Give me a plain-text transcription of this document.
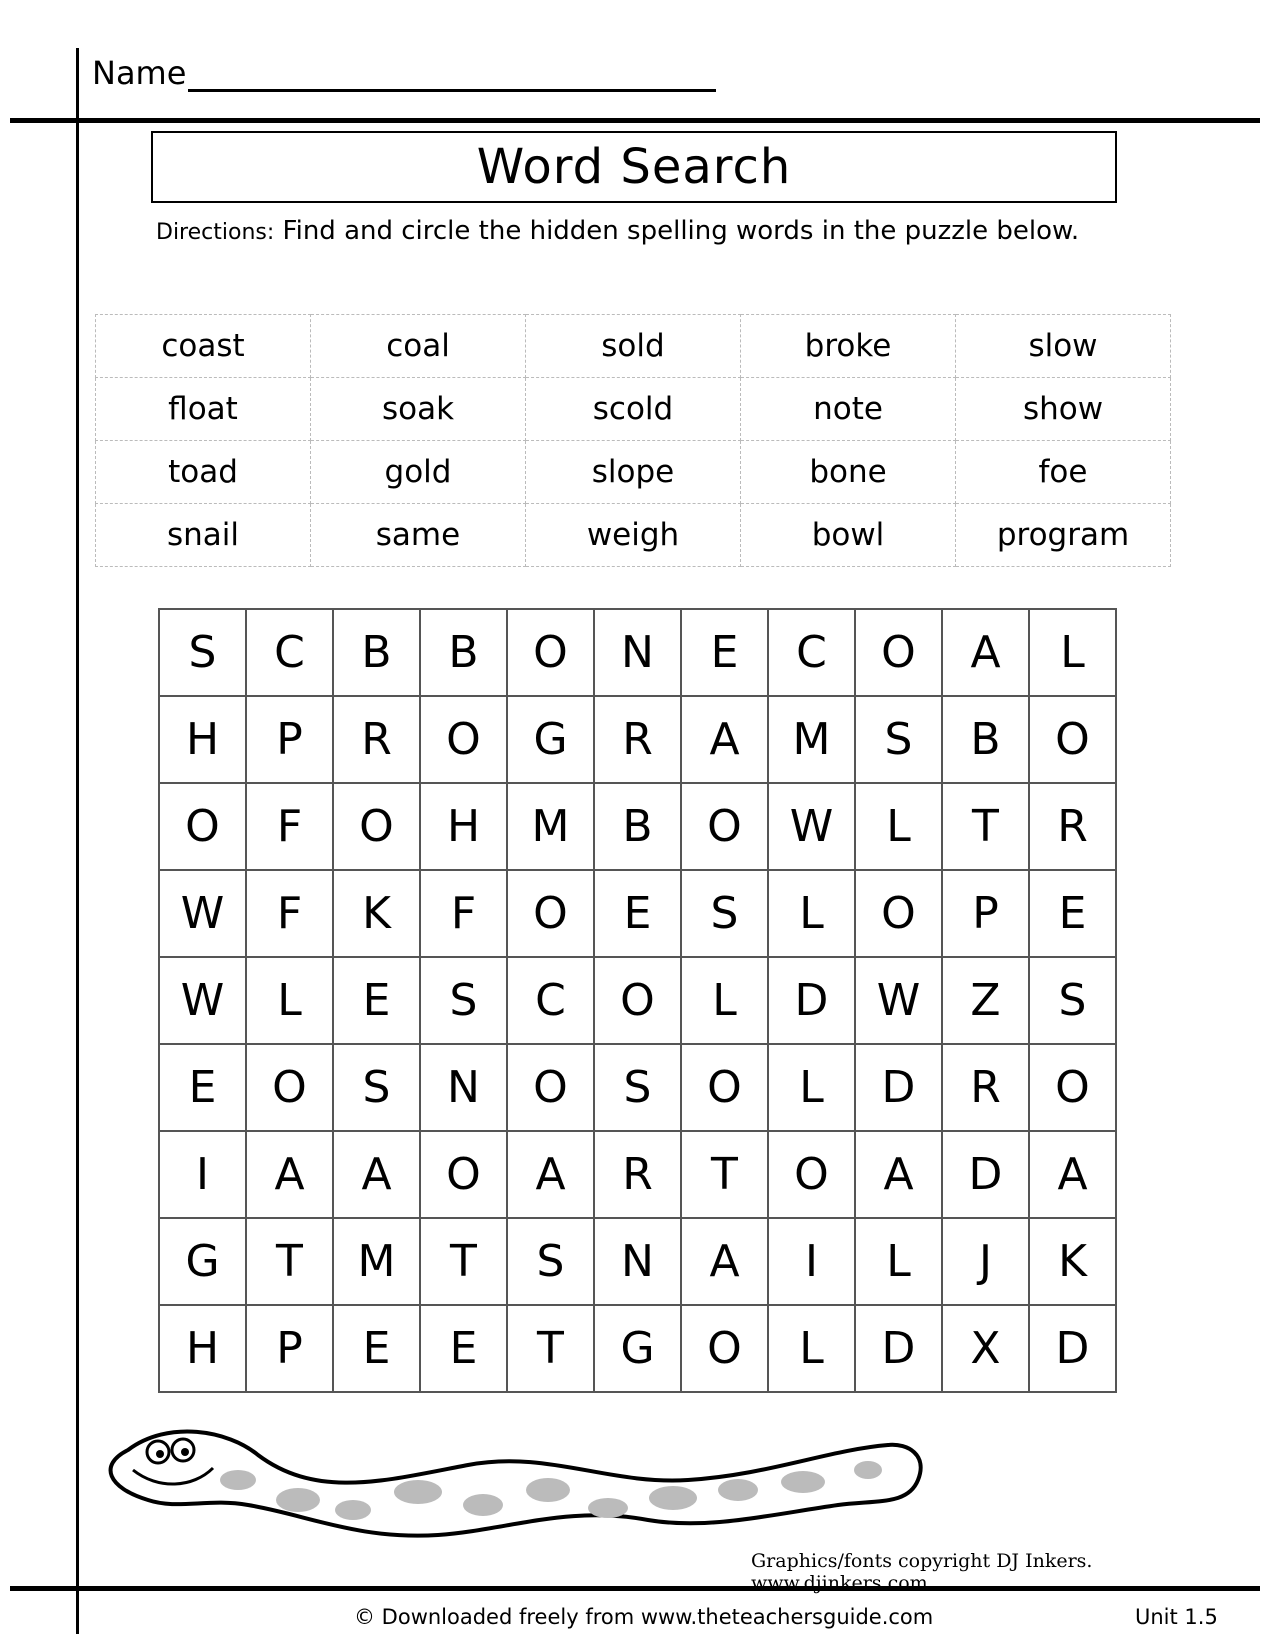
Name
Word Search
Directions: Find and circle the hidden spelling words in the puzzle below.
coast	coal	sold	broke	slow
float	soak	scold	note	show
toad	gold	slope	bone	foe
snail	same	weigh	bowl	program
S	C	B	B	O	N	E	C	O	A	L
H	P	R	O	G	R	A	M	S	B	O
O	F	O	H	M	B	O	W	L	T	R
W	F	K	F	O	E	S	L	O	P	E
W	L	E	S	C	O	L	D	W	Z	S
E	O	S	N	O	S	O	L	D	R	O
I	A	A	O	A	R	T	O	A	D	A
G	T	M	T	S	N	A	I	L	J	K
H	P	E	E	T	G	O	L	D	X	D
Graphics/fonts copyright DJ Inkers. www.djinkers.com
© Downloaded freely from www.theteachersguide.com	Unit 1.5
